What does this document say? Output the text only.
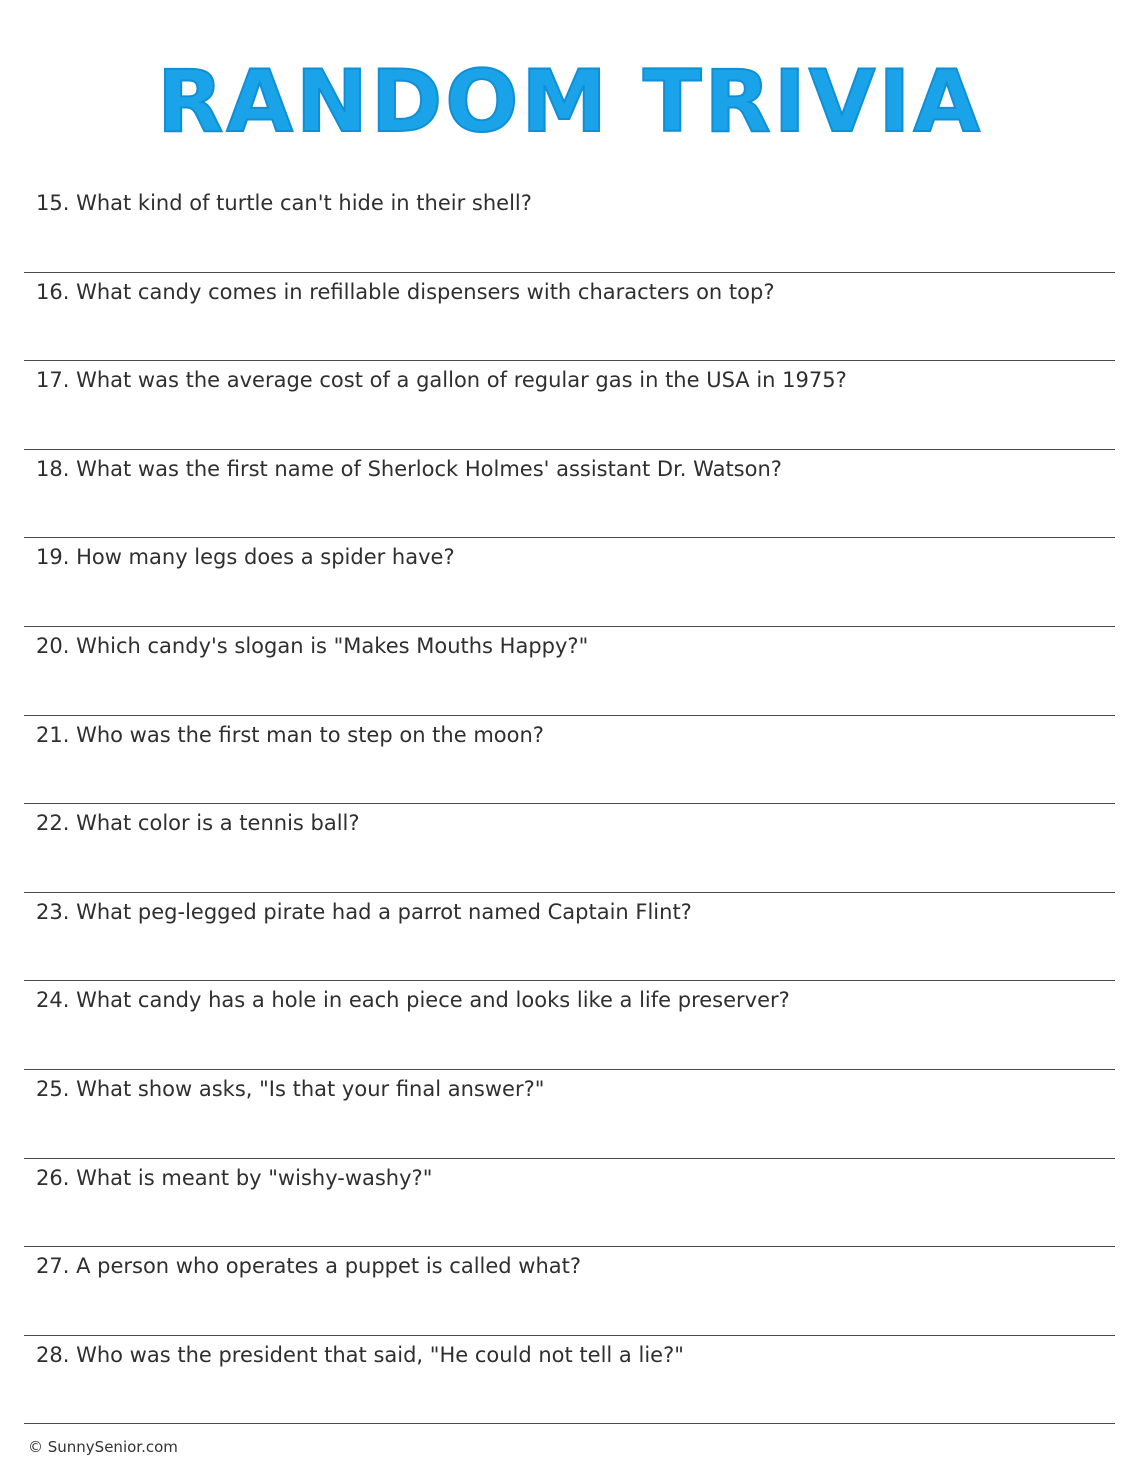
RANDOM TRIVIA
15. What kind of turtle can't hide in their shell?
16. What candy comes in refillable dispensers with characters on top?
17. What was the average cost of a gallon of regular gas in the USA in 1975?
18. What was the first name of Sherlock Holmes' assistant Dr. Watson?
19. How many legs does a spider have?
20. Which candy's slogan is "Makes Mouths Happy?"
21. Who was the first man to step on the moon?
22. What color is a tennis ball?
23. What peg-legged pirate had a parrot named Captain Flint?
24. What candy has a hole in each piece and looks like a life preserver?
25. What show asks, "Is that your final answer?"
26. What is meant by "wishy-washy?"
27. A person who operates a puppet is called what?
28. Who was the president that said, "He could not tell a lie?"
© SunnySenior.com
